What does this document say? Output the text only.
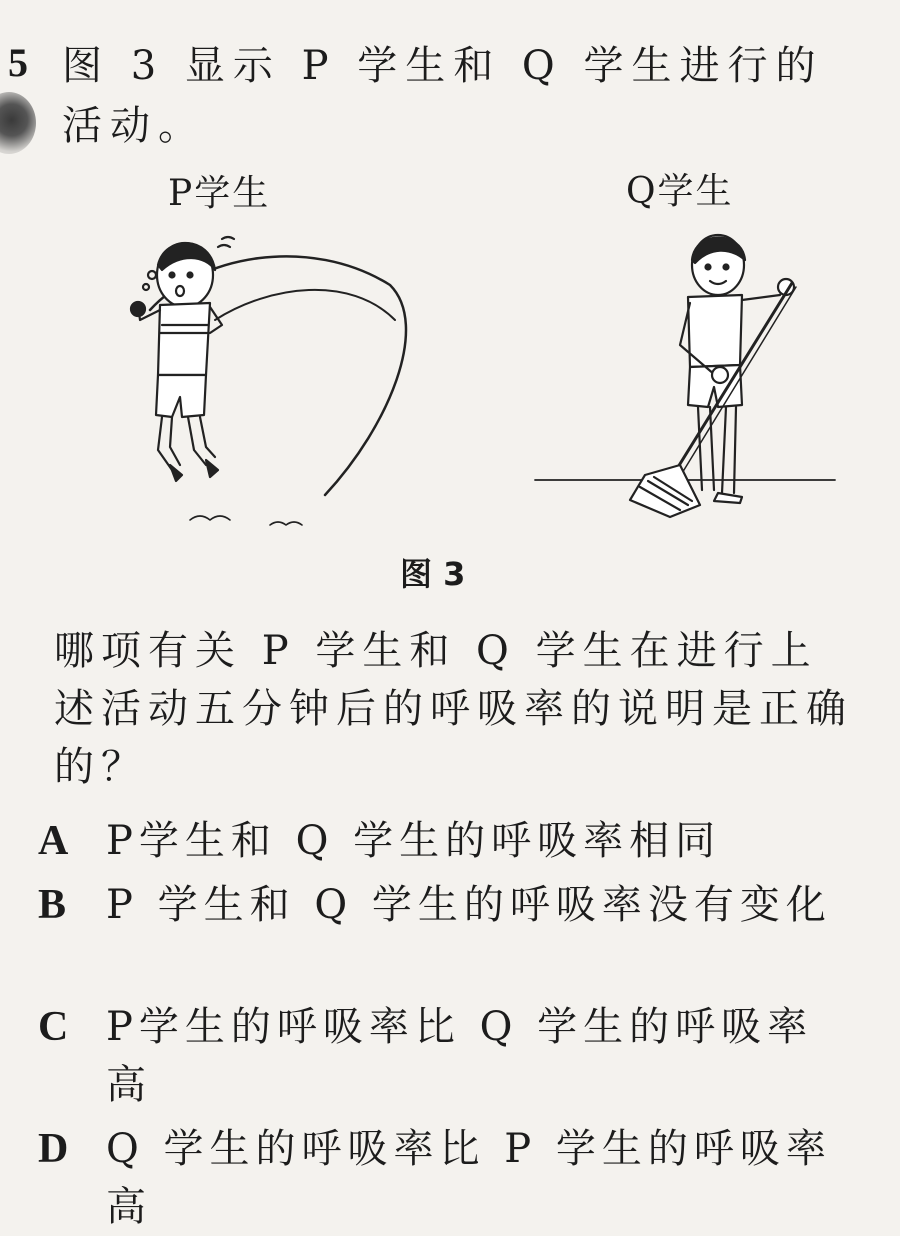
5 图 3 显示 P 学生和 Q 学生进行的活动。
P学生	Q学生
图 3
哪项有关 P 学生和 Q 学生在进行上述活动五分钟后的呼吸率的说明是正确的？
A P学生和 Q 学生的呼吸率相同
B P 学生和 Q 学生的呼吸率没有变化
C P学生的呼吸率比 Q 学生的呼吸率高
D Q 学生的呼吸率比 P 学生的呼吸率高
